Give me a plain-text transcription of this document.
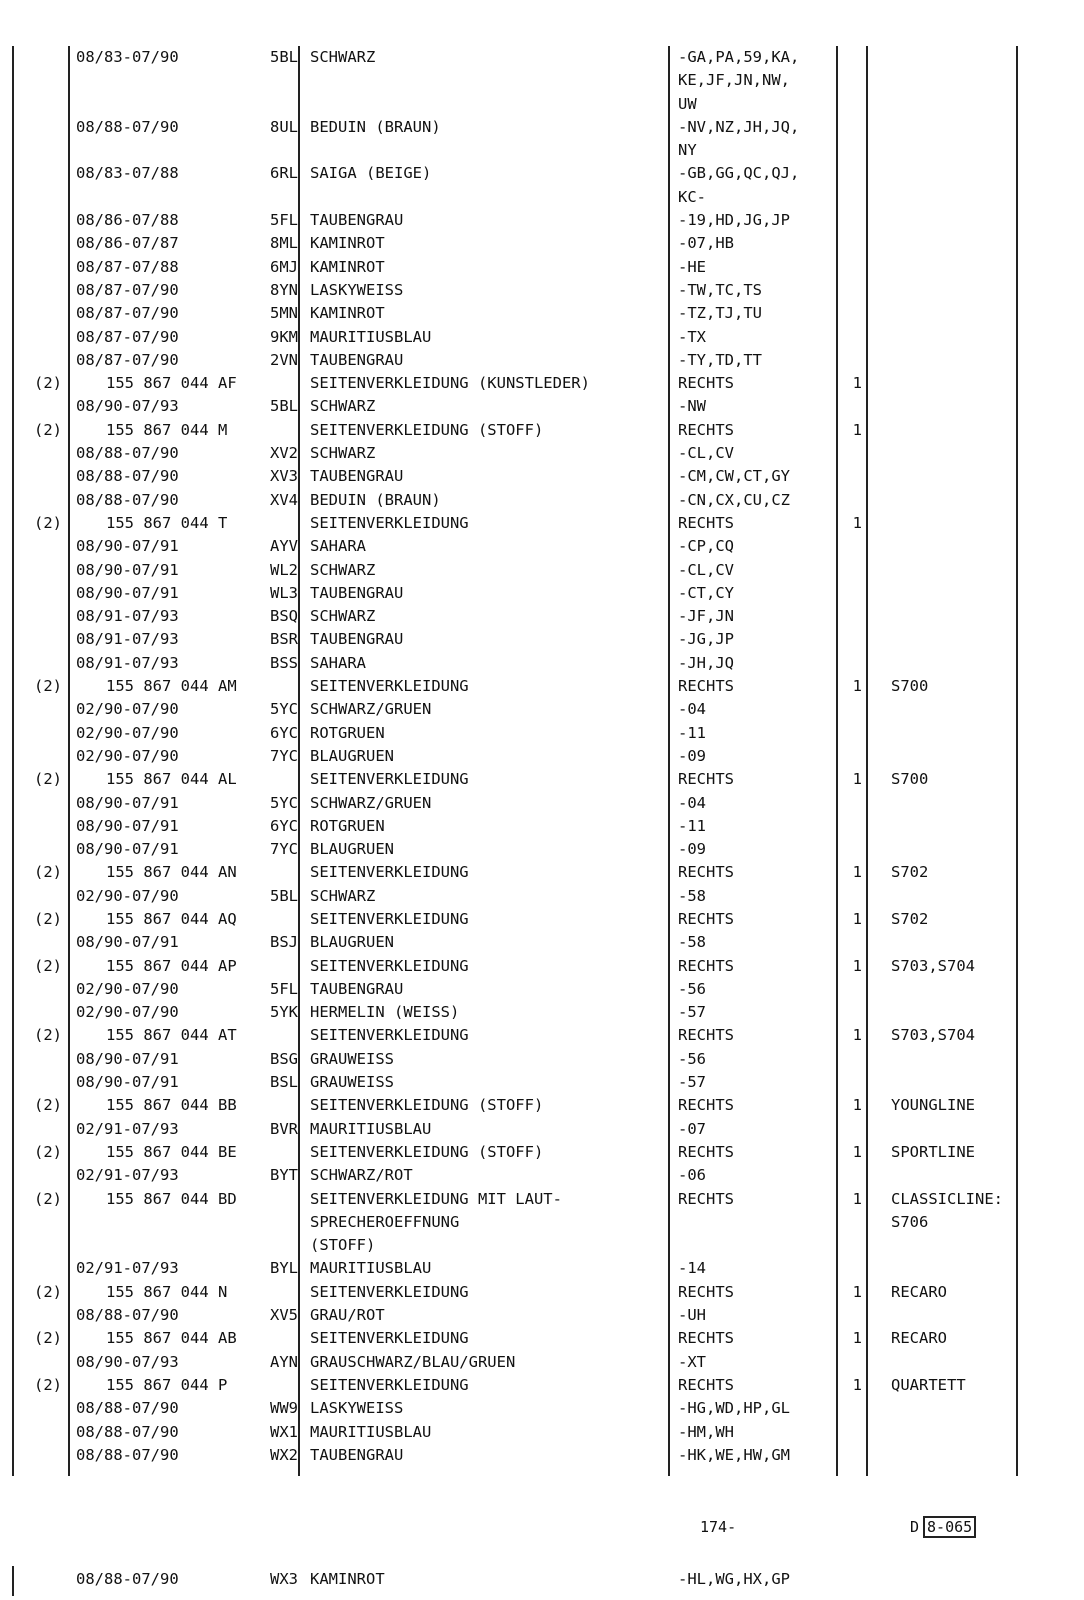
08/83-07/90	5BL SCHWARZ	-GA,PA,59,KA,
KE,JF,JN,NW,
UW
08/88-07/90	8UL BEDUIN (BRAUN)	-NV,NZ,JH,JQ,
NY
08/83-07/88	6RL SAIGA (BEIGE)	-GB,GG,QC,QJ,
KC-
08/86-07/88	5FL TAUBENGRAU	-19,HD,JG,JP
08/86-07/87	8ML KAMINROT	-07,HB
08/87-07/88	6MJ KAMINROT	-HE
08/87-07/90	8YN LASKYWEISS	-TW,TC,TS
08/87-07/90	5MN KAMINROT	-TZ,TJ,TU
08/87-07/90	9KM MAURITIUSBLAU	-TX
08/87-07/90	2VN TAUBENGRAU	-TY,TD,TT
(2)	155 867 044 AF	SEITENVERKLEIDUNG (KUNSTLEDER)	RECHTS	1
08/90-07/93	5BL SCHWARZ	-NW
(2)	155 867 044 M	SEITENVERKLEIDUNG (STOFF)	RECHTS	1
08/88-07/90	XV2 SCHWARZ	-CL,CV
08/88-07/90	XV3 TAUBENGRAU	-CM,CW,CT,GY
08/88-07/90	XV4 BEDUIN (BRAUN)	-CN,CX,CU,CZ
(2)	155 867 044 T	SEITENVERKLEIDUNG	RECHTS	1
08/90-07/91	AYV SAHARA	-CP,CQ
08/90-07/91	WL2 SCHWARZ	-CL,CV
08/90-07/91	WL3 TAUBENGRAU	-CT,CY
08/91-07/93	BSQ SCHWARZ	-JF,JN
08/91-07/93	BSR TAUBENGRAU	-JG,JP
08/91-07/93	BSS SAHARA	-JH,JQ
(2)	155 867 044 AM	SEITENVERKLEIDUNG	RECHTS	1 S700
02/90-07/90	5YC SCHWARZ/GRUEN	-04
02/90-07/90	6YC ROTGRUEN	-11
02/90-07/90	7YC BLAUGRUEN	-09
(2)	155 867 044 AL	SEITENVERKLEIDUNG	RECHTS	1 S700
08/90-07/91	5YC SCHWARZ/GRUEN	-04
08/90-07/91	6YC ROTGRUEN	-11
08/90-07/91	7YC BLAUGRUEN	-09
(2)	155 867 044 AN	SEITENVERKLEIDUNG	RECHTS	1 S702
02/90-07/90	5BL SCHWARZ	-58
(2)	155 867 044 AQ	SEITENVERKLEIDUNG	RECHTS	1 S702
08/90-07/91	BSJ BLAUGRUEN	-58
(2)	155 867 044 AP	SEITENVERKLEIDUNG	RECHTS	1 S703,S704
02/90-07/90	5FL TAUBENGRAU	-56
02/90-07/90	5YK HERMELIN (WEISS)	-57
(2)	155 867 044 AT	SEITENVERKLEIDUNG	RECHTS	1 S703,S704
08/90-07/91	BSG GRAUWEISS	-56
08/90-07/91	BSL GRAUWEISS	-57
(2)	155 867 044 BB	SEITENVERKLEIDUNG (STOFF)	RECHTS	1 YOUNGLINE
02/91-07/93	BVR MAURITIUSBLAU	-07
(2)	155 867 044 BE	SEITENVERKLEIDUNG (STOFF)	RECHTS	1 SPORTLINE
02/91-07/93	BYT SCHWARZ/ROT	-06
(2)	155 867 044 BD	SEITENVERKLEIDUNG MIT LAUT-	RECHTS	1 CLASSICLINE:
SPRECHEROEFFNUNG	S706
(STOFF)
02/91-07/93	BYL MAURITIUSBLAU	-14
(2)	155 867 044 N	SEITENVERKLEIDUNG	RECHTS	1 RECARO
08/88-07/90	XV5 GRAU/ROT	-UH
(2)	155 867 044 AB	SEITENVERKLEIDUNG	RECHTS	1 RECARO
08/90-07/93	AYN GRAUSCHWARZ/BLAU/GRUEN	-XT
(2)	155 867 044 P	SEITENVERKLEIDUNG	RECHTS	1 QUARTETT
08/88-07/90	WW9 LASKYWEISS	-HG,WD,HP,GL
08/88-07/90	WX1 MAURITIUSBLAU	-HM,WH
08/88-07/90	WX2 TAUBENGRAU	-HK,WE,HW,GM
174-	D 8-065
08/88-07/90	WX3 KAMINROT	-HL,WG,HX,GP
